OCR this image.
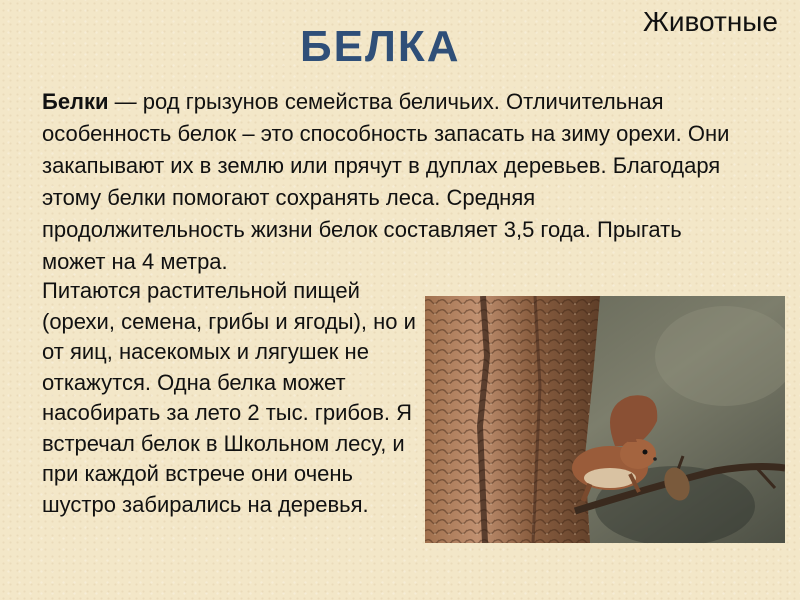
Животные
БЕЛКА
Белки — род грызунов семейства беличьих. Отличительная особенность белок – это способность запасать на зиму орехи. Они закапывают их в землю или прячут в дуплах деревьев. Благодаря этому белки помогают сохранять леса. Средняя продолжительность жизни белок составляет 3,5 года. Прыгать может на 4 метра.
Питаются растительной пищей (орехи, семена, грибы и ягоды), но и от яиц, насекомых и лягушек не откажутся. Одна белка может насобирать за лето 2 тыс. грибов. Я встречал белок в Школьном лесу, и при каждой встрече они очень шустро забирались на деревья.
